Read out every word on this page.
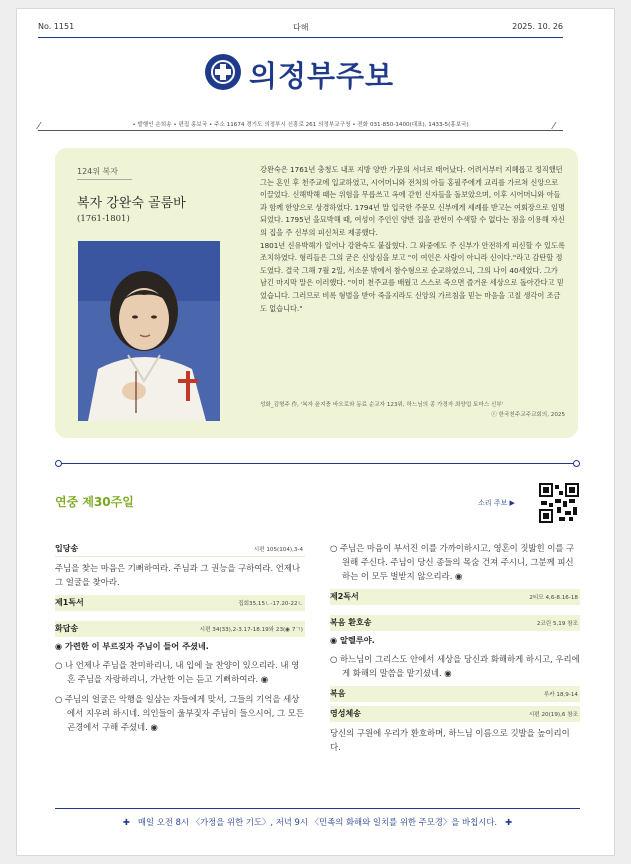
No. 1151	다해	2025. 10. 26
의정부주보
⁄	• 발행인 손희송 • 편집 홍보국 • 주소 11674 경기도 의정부시 신흥로 261 의정부교구청 • 전화 031-850-1400(대표), 1433-5(홍보국)	⁄
124위 복자
복자 강완숙 골룸바
(1761-1801)

강완숙은 1761년 충청도 내포 지방 양반 가문의 서녀로 태어났다. 어려서부터 지혜롭고 정직했던 그는 혼인 후 천주교에 입교하였고, 시어머니와 전처의 아들 홍필주에게 교리를 가르쳐 신앙으로 이끌었다. 신해박해 때는 위험을 무릅쓰고 옥에 갇힌 신자들을 돌보았으며, 이후 시어머니와 아들과 함께 한양으로 상경하였다. 1794년 말 입국한 주문모 신부에게 세례를 받고는 여회장으로 임명되었다. 1795년 을묘박해 때, 여성이 주인인 양반 집을 관헌이 수색할 수 없다는 점을 이용해 자신의 집을 주 신부의 피신처로 제공했다.

1801년 신유박해가 일어나 강완숙도 붙잡혔다. 그 와중에도 주 신부가 안전하게 피신할 수 있도록 조치하였다. 형리들은 그의 굳은 신앙심을 보고 "이 여인은 사람이 아니라 신이다."라고 감탄할 정도였다. 결국 그해 7월 2일, 서소문 밖에서 참수형으로 순교하였으니, 그의 나이 40세였다. 그가 남긴 마지막 말은 이러했다. "이미 천주교를 배웠고 스스로 죽으면 즐거운 세상으로 돌아간다고 믿었습니다. 그러므로 비록 형벌을 받아 죽을지라도 신앙의 가르침을 믿는 마음을 고칠 생각이 조금도 없습니다."

성화_김형주 作, '복자 윤지충 바오로와 동료 순교자 123위, 하느님의 종 가경자 최양업 토마스 신부'
ⓒ 한국천주교주교회의, 2025
연중 제30주일	소리 주보 ▶
입당송	시편 105(104),3-4
주님을 찾는 마음은 기뻐하여라. 주님과 그 권능을 구하여라. 언제나 그 얼굴을 찾아라.
제1독서	집회35,15ㄴ-17.20-22ㄴ
화답송	시편 34(33),2-3.17-18.19와 23(◉ 7ㄱ)
◉ 가련한 이 부르짖자 주님이 들어 주셨네.
○ 나 언제나 주님을 찬미하리니, 내 입에 늘 찬양이 있으리라. 내 영혼 주님을 자랑하리니, 가난한 이는 듣고 기뻐하여라. ◉
○ 주님의 얼굴은 악행을 일삼는 자들에게 맞서, 그들의 기억을 세상에서 지우려 하시네. 의인들이 울부짖자 주님이 들으시어, 그 모든 곤경에서 구해 주셨네. ◉
○ 주님은 마음이 부서진 이를 가까이하시고, 영혼이 짓밟힌 이를 구원해 주신다. 주님이 당신 종들의 목숨 건져 주시니, 그분께 피신하는 이 모두 벌받지 않으리라. ◉
제2독서	2티모 4,6-8.16-18
복음 환호송	2코린 5,19 참조
◉ 알렐루야.
○ 하느님이 그리스도 안에서 세상을 당신과 화해하게 하시고, 우리에게 화해의 말씀을 맡기셨네. ◉
복음	루카 18,9-14
영성체송	시편 20(19),6 참조
당신의 구원에 우리가 환호하며, 하느님 이름으로 깃발을 높이리이다.
✚ 매일 오전 8시 〈가정을 위한 기도〉, 저녁 9시 〈민족의 화해와 일치를 위한 주모경〉을 바칩시다. ✚
